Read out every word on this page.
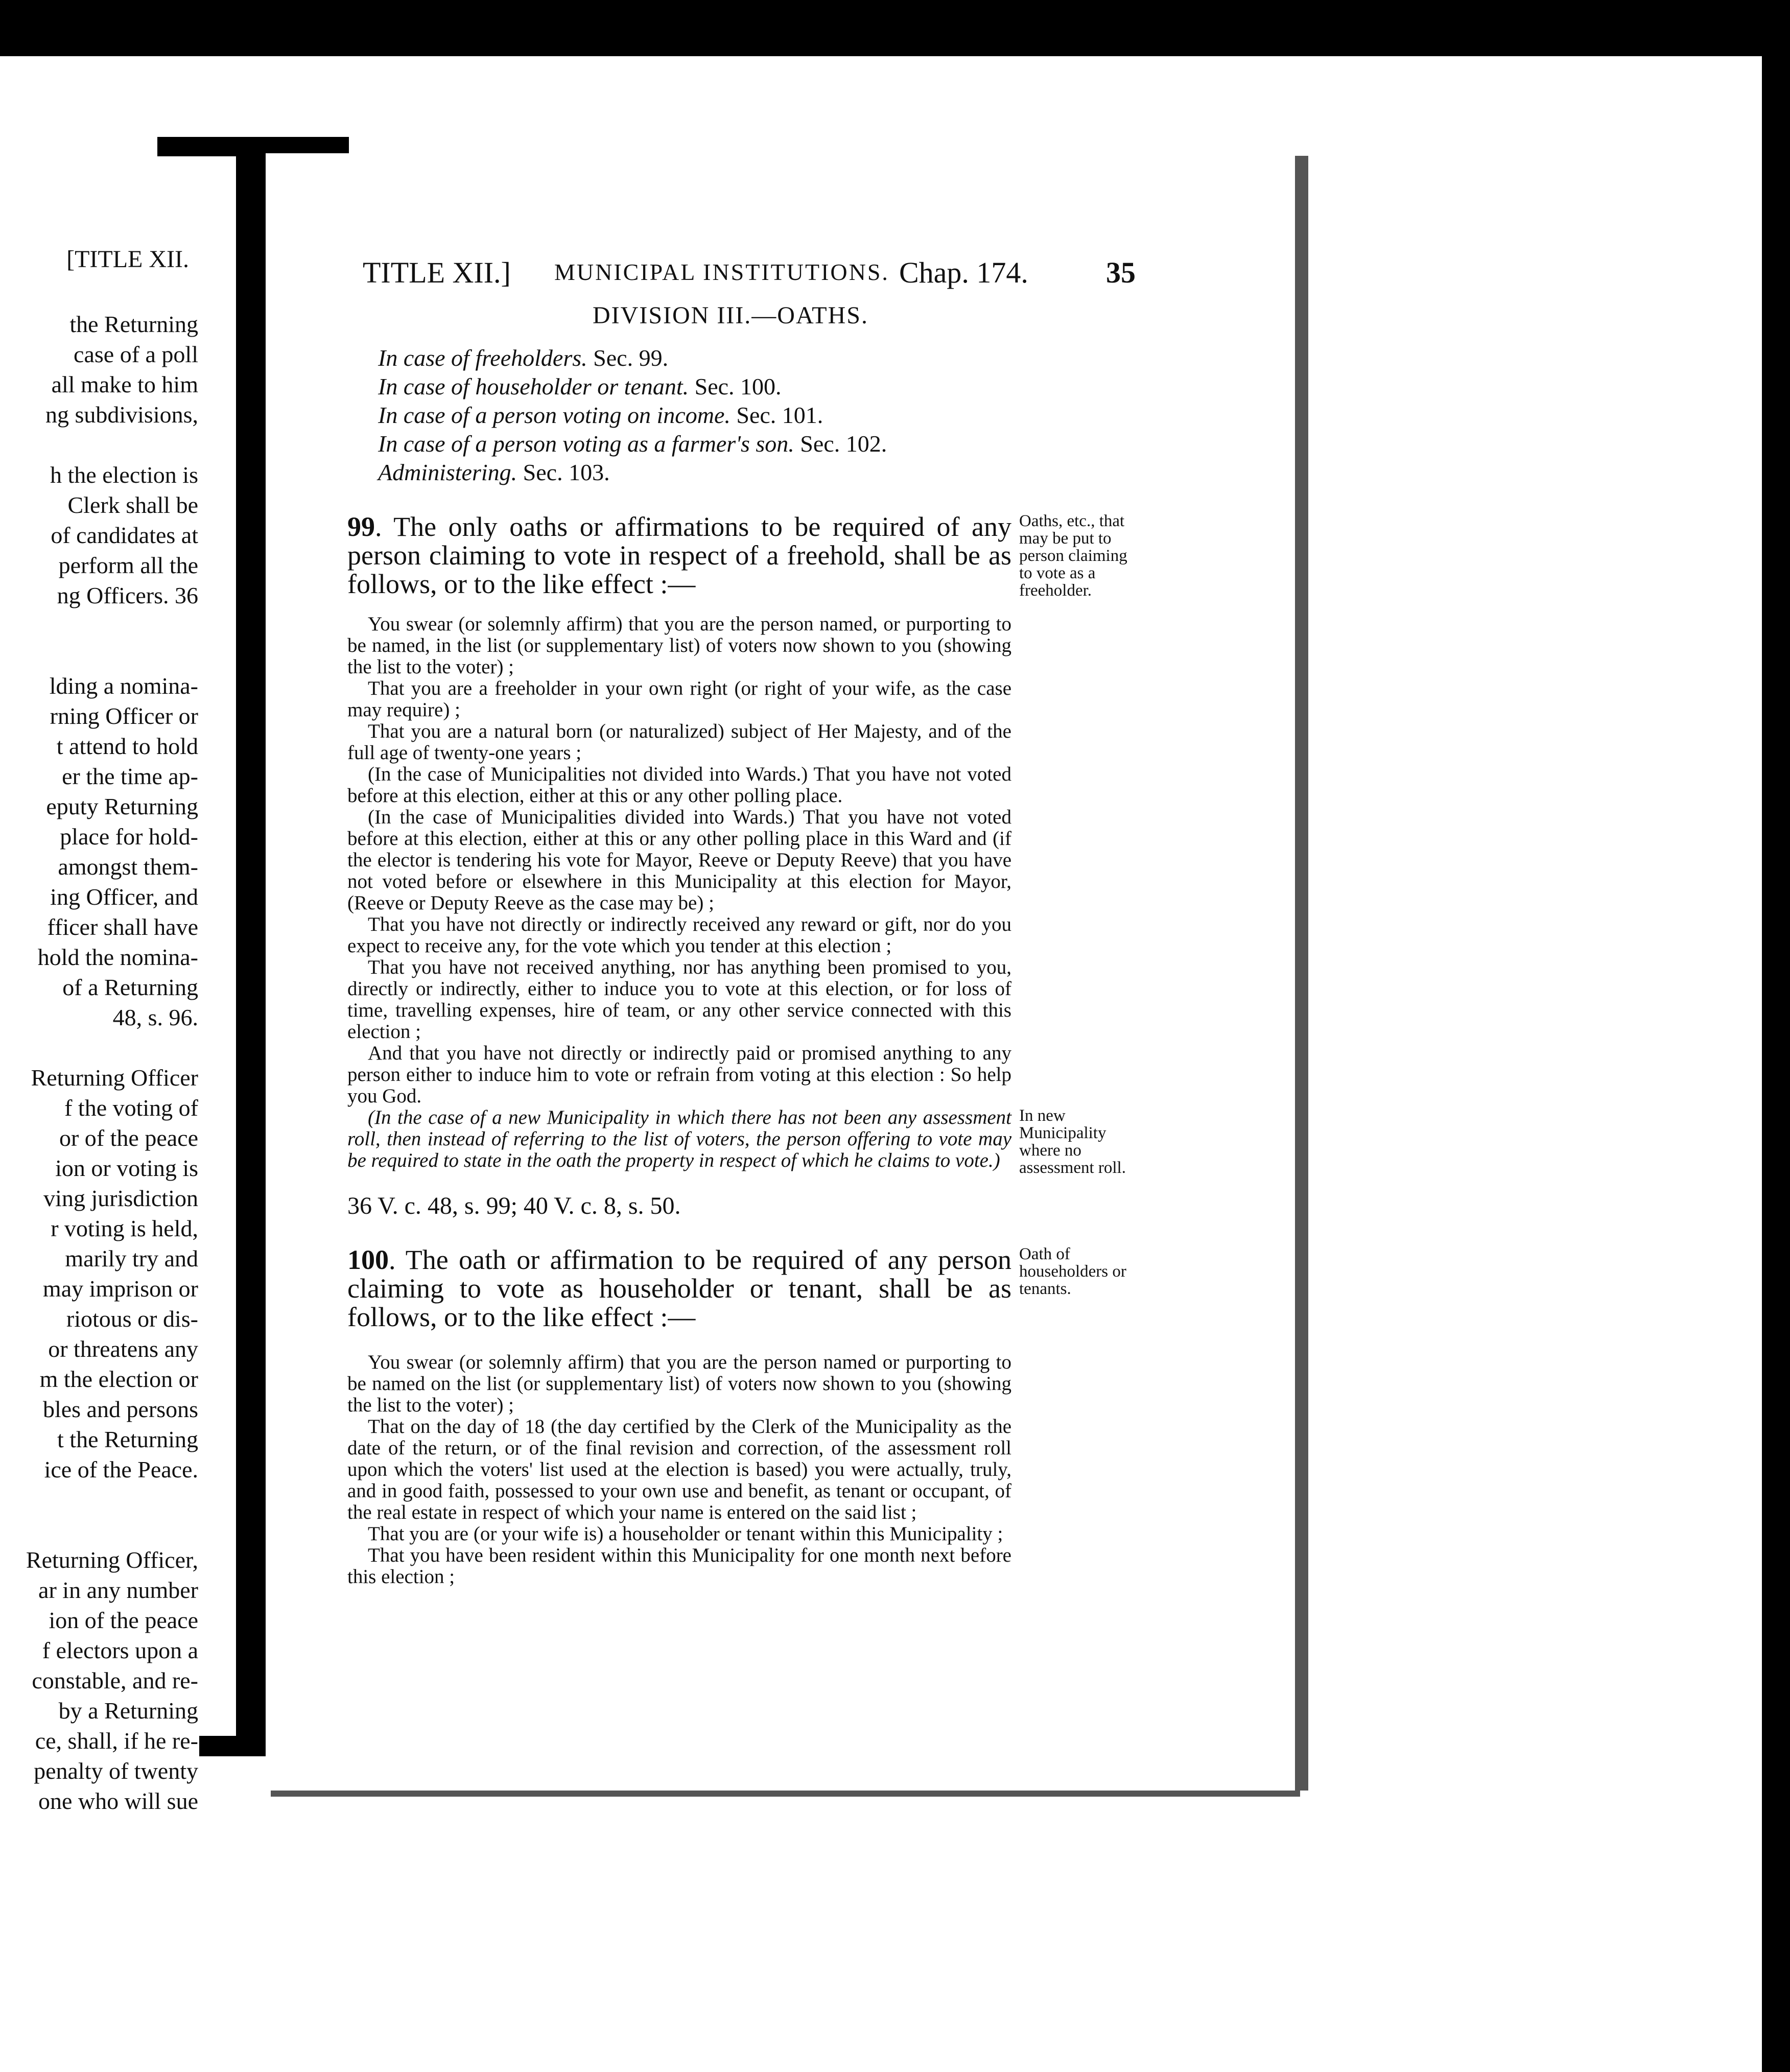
[TITLE XII.
the Returning
case of a poll
all make to him
ng subdivisions,
h the election is
Clerk shall be
of candidates at
perform all the
ng Officers. 36
lding a nomina-
rning Officer or
t attend to hold
er the time ap-
eputy Returning
place for hold-
amongst them-
ing Officer, and
fficer shall have
hold the nomina-
of a Returning
48, s. 96.
Returning Officer
f the voting of
or of the peace
ion or voting is
ving jurisdiction
r voting is held,
marily try and
may imprison or
riotous or dis-
or threatens any
m the election or
bles and persons
t the Returning
ice of the Peace.
Returning Officer,
ar in any number
ion of the peace
f electors upon a
constable, and re-
by a Returning
ce, shall, if he re-
penalty of twenty
one who will sue
TITLE XII.] MUNICIPAL INSTITUTIONS. Chap. 174.	35
DIVISION III.—OATHS.
In case of freeholders. Sec. 99.
In case of householder or tenant. Sec. 100.
In case of a person voting on income. Sec. 101.
In case of a person voting as a farmer's son. Sec. 102.
Administering. Sec. 103.
Oaths, etc., that may be put to person claiming to vote as a freeholder.
99. The only oaths or affirmations to be required of any person claiming to vote in respect of a freehold, shall be as follows, or to the like effect :—

You swear (or solemnly affirm) that you are the person named, or purporting to be named, in the list (or supplementary list) of voters now shown to you (showing the list to the voter) ;

That you are a freeholder in your own right (or right of your wife, as the case may require) ;

That you are a natural born (or naturalized) subject of Her Majesty, and of the full age of twenty-one years ;

(In the case of Municipalities not divided into Wards.) That you have not voted before at this election, either at this or any other polling place.

(In the case of Municipalities divided into Wards.) That you have not voted before at this election, either at this or any other polling place in this Ward and (if the elector is tendering his vote for Mayor, Reeve or Deputy Reeve) that you have not voted before or elsewhere in this Municipality at this election for Mayor,(Reeve or Deputy Reeve as the case may be) ;

That you have not directly or indirectly received any reward or gift, nor do you expect to receive any, for the vote which you tender at this election ;

That you have not received anything, nor has anything been promised to you, directly or indirectly, either to induce you to vote at this election, or for loss of time, travelling expenses, hire of team, or any other service connected with this election ;

And that you have not directly or indirectly paid or promised anything to any person either to induce him to vote or refrain from voting at this election : So help you God.

In new Municipality where no assessment roll.

(In the case of a new Municipality in which there has not been any assessment roll, then instead of referring to the list of voters, the person offering to vote may be required to state in the oath the property in respect of which he claims to vote.)

36 V. c. 48, s. 99; 40 V. c. 8, s. 50.
Oath of householders or tenants.
100. The oath or affirmation to be required of any person claiming to vote as householder or tenant, shall be as follows, or to the like effect :—

You swear (or solemnly affirm) that you are the person named or purporting to be named on the list (or supplementary list) of voters now shown to you (showing the list to the voter) ;

That on the day of 18 (the day certified by the Clerk of the Municipality as the date of the return, or of the final revision and correction, of the assessment roll upon which the voters' list used at the election is based) you were actually, truly, and in good faith, possessed to your own use and benefit, as tenant or occupant, of the real estate in respect of which your name is entered on the said list ;

That you are (or your wife is) a householder or tenant within this Municipality ;

That you have been resident within this Municipality for one month next before this election ;
